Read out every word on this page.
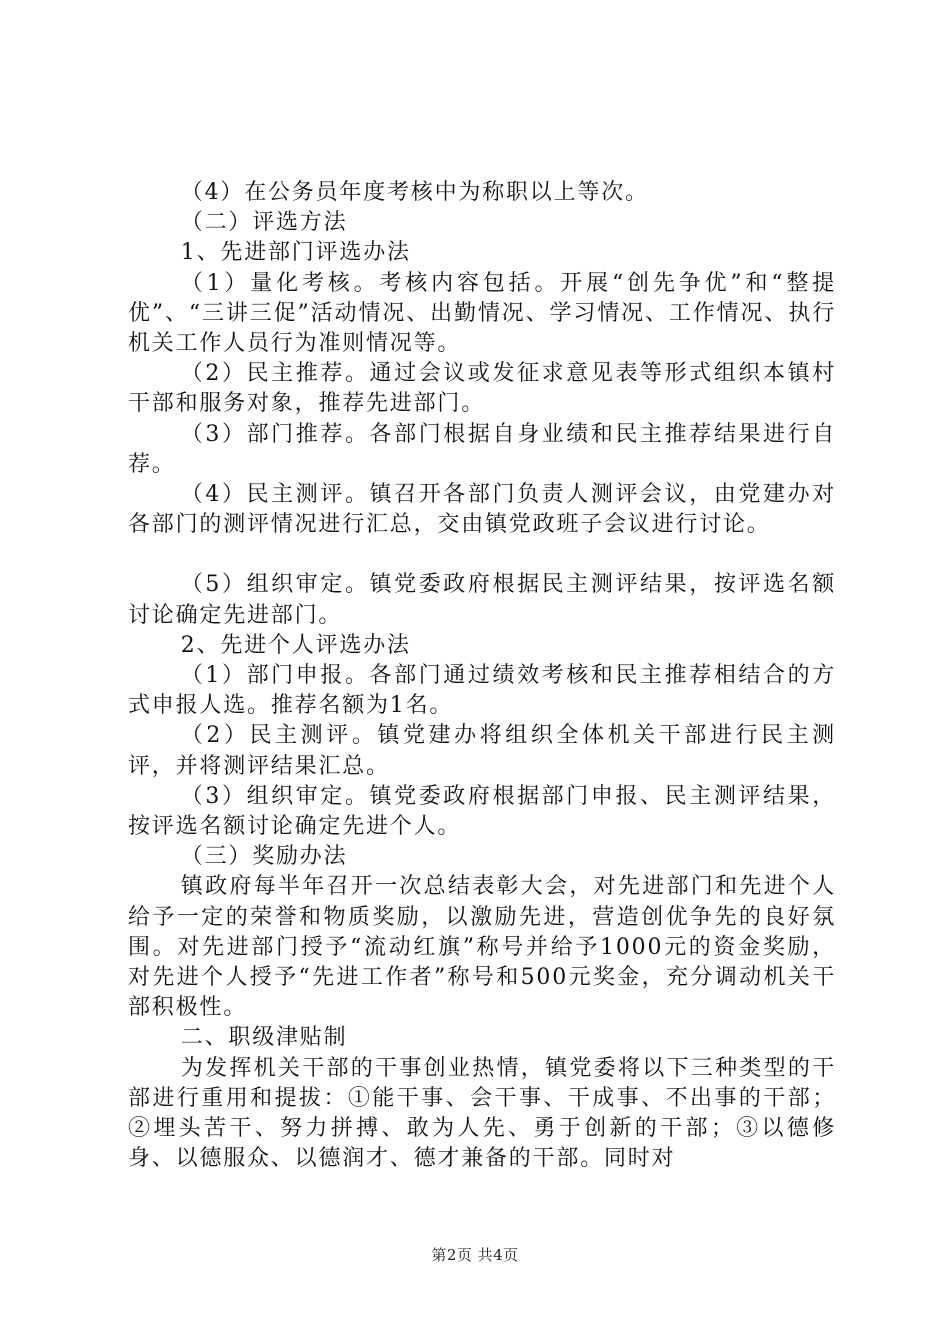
（4）在公务员年度考核中为称职以上等次。

（二）评选方法

1、先进部门评选办法

（1）量化考核。考核内容包括。开展“创先争优”和“整提优”、“三讲三促”活动情况、出勤情况、学习情况、工作情况、执行机关工作人员行为准则情况等。

（2）民主推荐。通过会议或发征求意见表等形式组织本镇村干部和服务对象，推荐先进部门。

（3）部门推荐。各部门根据自身业绩和民主推荐结果进行自荐。

（4）民主测评。镇召开各部门负责人测评会议，由党建办对各部门的测评情况进行汇总，交由镇党政班子会议进行讨论。

（5）组织审定。镇党委政府根据民主测评结果，按评选名额讨论确定先进部门。

2、先进个人评选办法

（1）部门申报。各部门通过绩效考核和民主推荐相结合的方式申报人选。推荐名额为1名。

（2）民主测评。镇党建办将组织全体机关干部进行民主测评，并将测评结果汇总。

（3）组织审定。镇党委政府根据部门申报、民主测评结果，按评选名额讨论确定先进个人。

（三）奖励办法

镇政府每半年召开一次总结表彰大会，对先进部门和先进个人给予一定的荣誉和物质奖励，以激励先进，营造创优争先的良好氛围。对先进部门授予“流动红旗”称号并给予1000元的资金奖励，对先进个人授予“先进工作者”称号和500元奖金，充分调动机关干部积极性。

二、职级津贴制

为发挥机关干部的干事创业热情，镇党委将以下三种类型的干部进行重用和提拔：①能干事、会干事、干成事、不出事的干部；②埋头苦干、努力拼搏、敢为人先、勇于创新的干部；③以德修身、以德服众、以德润才、德才兼备的干部。同时对

第2页 共4页
